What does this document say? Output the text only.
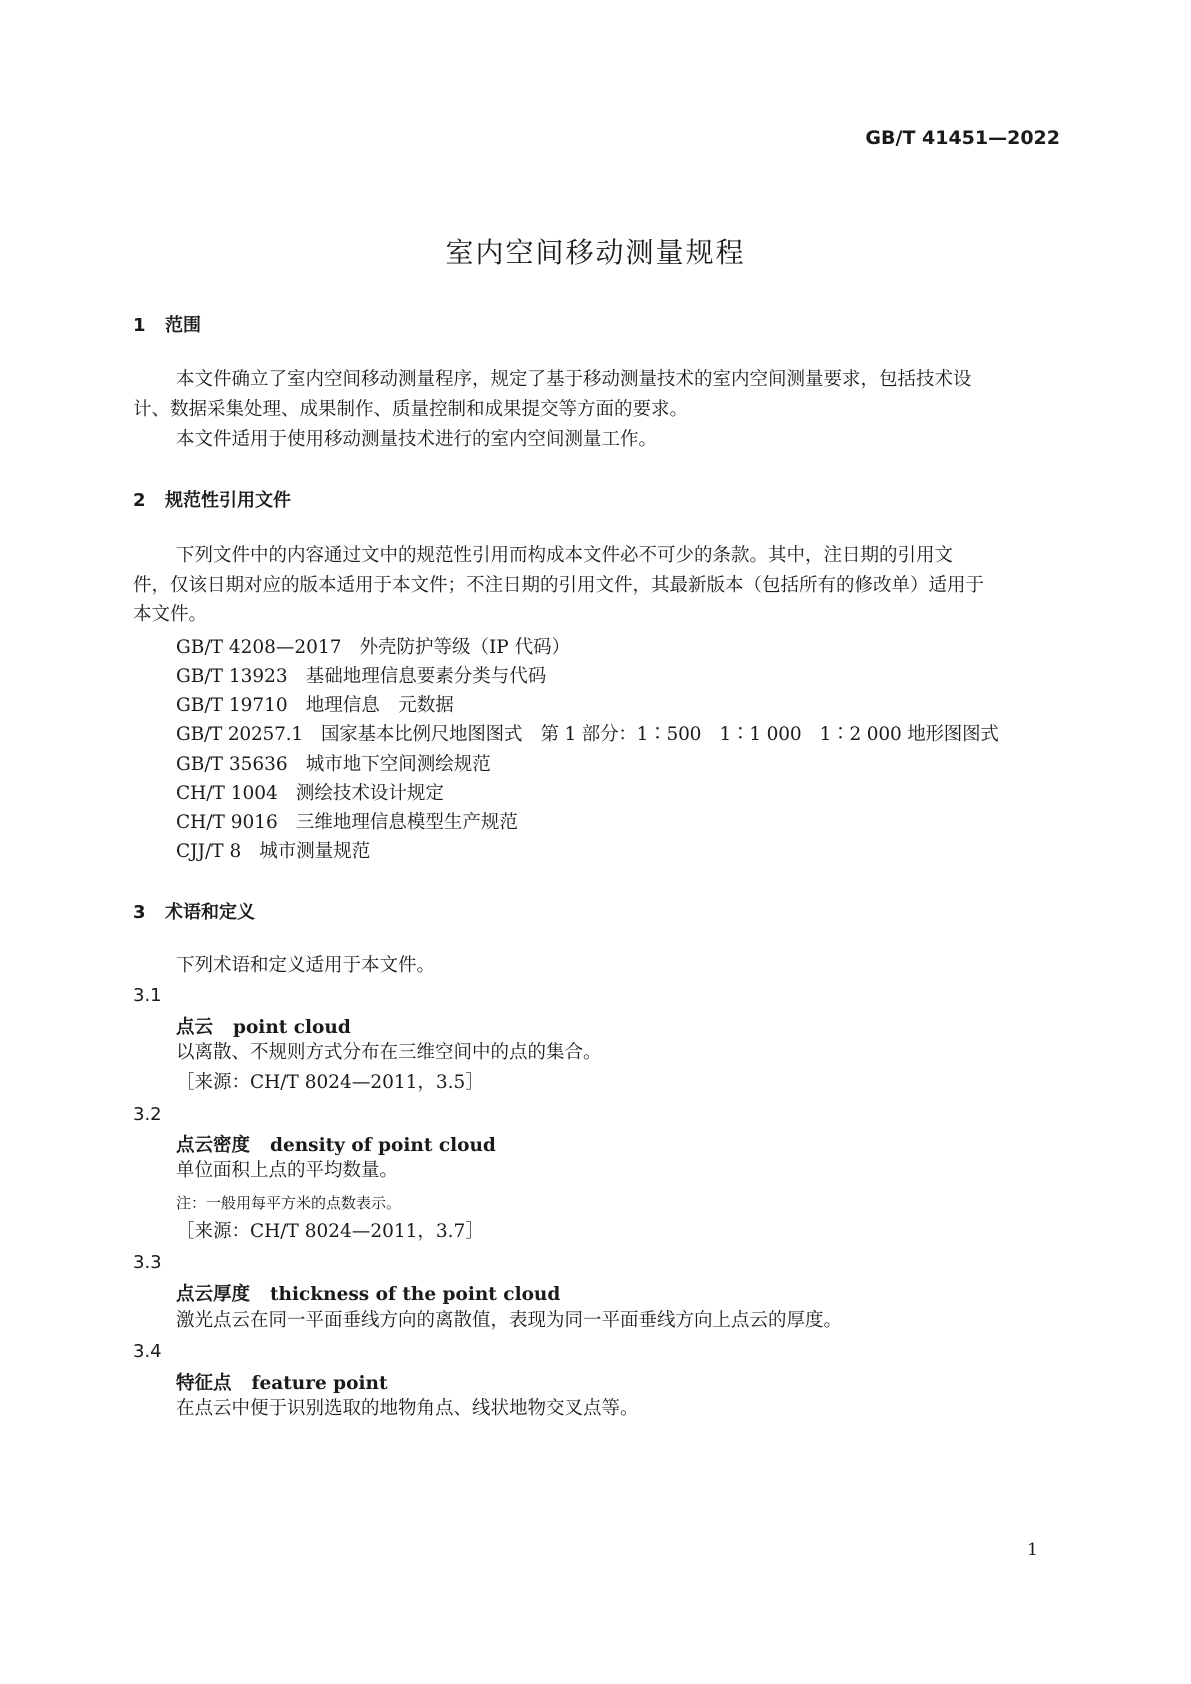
GB/T 41451—2022
室内空间移动测量规程
1 范围
本文件确立了室内空间移动测量程序，规定了基于移动测量技术的室内空间测量要求，包括技术设
计、数据采集处理、成果制作、质量控制和成果提交等方面的要求。
本文件适用于使用移动测量技术进行的室内空间测量工作。
2 规范性引用文件
下列文件中的内容通过文中的规范性引用而构成本文件必不可少的条款。其中，注日期的引用文
件，仅该日期对应的版本适用于本文件；不注日期的引用文件，其最新版本（包括所有的修改单）适用于
本文件。
GB/T 4208—2017 外壳防护等级（IP 代码）
GB/T 13923 基础地理信息要素分类与代码
GB/T 19710 地理信息　元数据
GB/T 20257.1 国家基本比例尺地图图式　第 1 部分：1∶500　1∶1 000　1∶2 000 地形图图式
GB/T 35636 城市地下空间测绘规范
CH/T 1004 测绘技术设计规定
CH/T 9016 三维地理信息模型生产规范
CJJ/T 8 城市测量规范
3 术语和定义
下列术语和定义适用于本文件。
3.1
点云 point cloud
以离散、不规则方式分布在三维空间中的点的集合。
［来源：CH/T 8024—2011，3.5］
3.2
点云密度 density of point cloud
单位面积上点的平均数量。
注：一般用每平方米的点数表示。
［来源：CH/T 8024—2011，3.7］
3.3
点云厚度 thickness of the point cloud
激光点云在同一平面垂线方向的离散值，表现为同一平面垂线方向上点云的厚度。
3.4
特征点 feature point
在点云中便于识别选取的地物角点、线状地物交叉点等。
1
